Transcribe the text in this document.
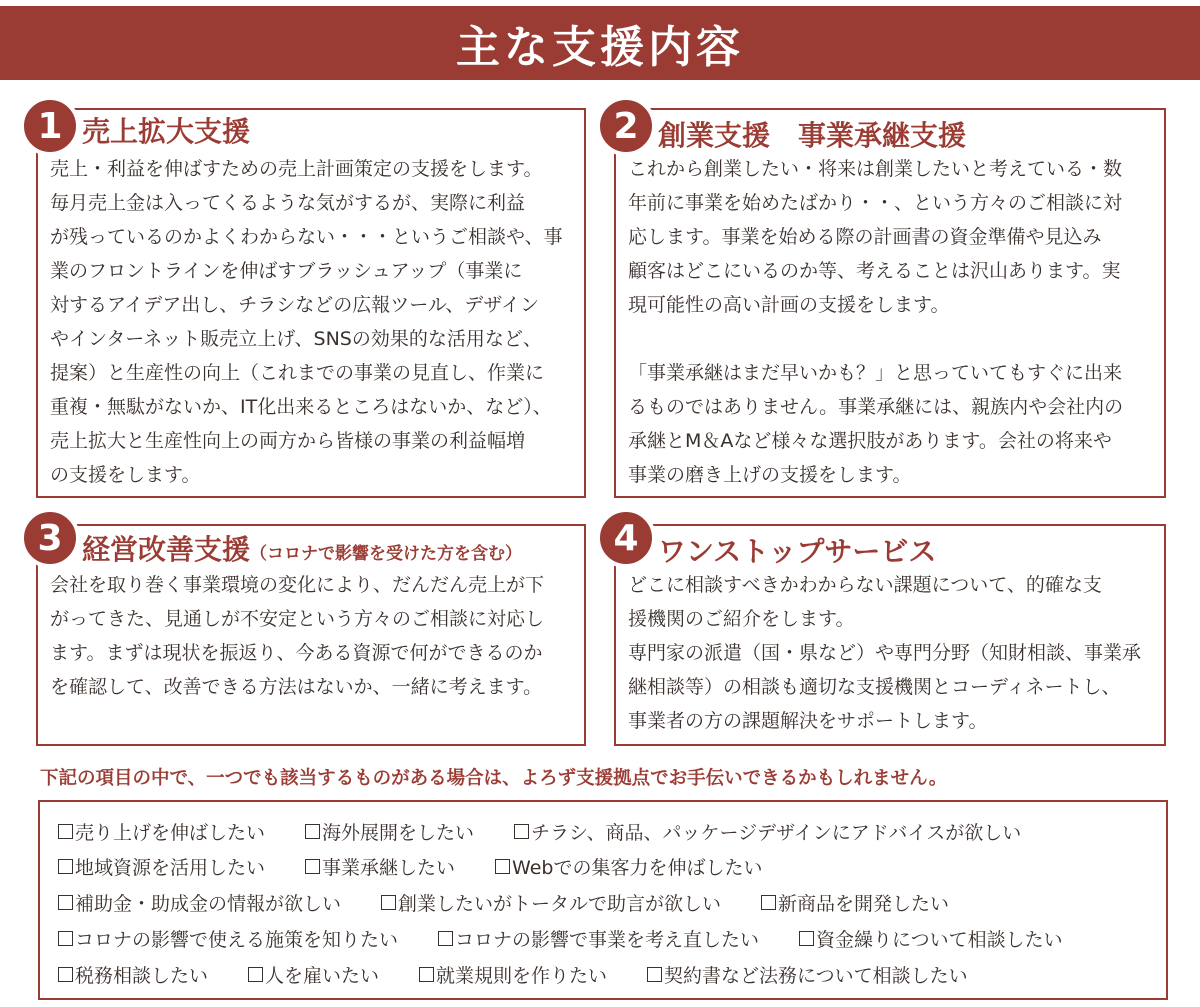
主な支援内容
売上・利益を伸ばすための売上計画策定の支援をします。
毎月売上金は入ってくるような気がするが、実際に利益
が残っているのかよくわからない・・・というご相談や、事
業のフロントラインを伸ばすブラッシュアップ（事業に
対するアイデア出し、チラシなどの広報ツール、デザイン
やインターネット販売立上げ、SNSの効果的な活用など、
提案）と生産性の向上（これまでの事業の見直し、作業に
重複・無駄がないか、IT化出来るところはないか、など）、
売上拡大と生産性向上の両方から皆様の事業の利益幅増
の支援をします。
1 売上拡大支援
これから創業したい・将来は創業したいと考えている・数
年前に事業を始めたばかり・・、という方々のご相談に対
応します。事業を始める際の計画書の資金準備や見込み
顧客はどこにいるのか等、考えることは沢山あります。実
現可能性の高い計画の支援をします。

「事業承継はまだ早いかも？」と思っていてもすぐに出来
るものではありません。事業承継には、親族内や会社内の
承継とM＆Aなど様々な選択肢があります。会社の将来や
事業の磨き上げの支援をします。
2 創業支援　事業承継支援
会社を取り巻く事業環境の変化により、だんだん売上が下
がってきた、見通しが不安定という方々のご相談に対応し
ます。まずは現状を振返り、今ある資源で何ができるのか
を確認して、改善できる方法はないか、一緒に考えます。
3 経営改善支援（コロナで影響を受けた方を含む）
どこに相談すべきかわからない課題について、的確な支
援機関のご紹介をします。
専門家の派遣（国・県など）や専門分野（知財相談、事業承
継相談等）の相談も適切な支援機関とコーディネートし、
事業者の方の課題解決をサポートします。
4 ワンストップサービス
下記の項目の中で、一つでも該当するものがある場合は、よろず支援拠点でお手伝いできるかもしれません。
売り上げを伸ばしたい	海外展開をしたい	チラシ、商品、パッケージデザインにアドバイスが欲しい
地域資源を活用したい	事業承継したい	Webでの集客力を伸ばしたい
補助金・助成金の情報が欲しい	創業したいがトータルで助言が欲しい	新商品を開発したい
コロナの影響で使える施策を知りたい	コロナの影響で事業を考え直したい	資金繰りについて相談したい
税務相談したい	人を雇いたい	就業規則を作りたい	契約書など法務について相談したい
